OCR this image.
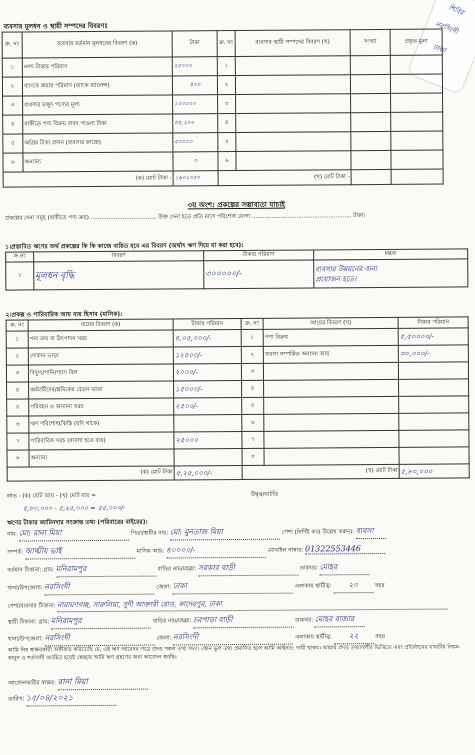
শিবির
নরসিংদী
ঢাকা
ব্যবসার মূলধন ও স্থায়ী সম্পদের বিবরণঃ
ক্র. নং	ব্যবসার বর্তমান মূলধনের বিবরণ (ক)	টাকা	ক্র. নং	ব্যবসার স্থায়ী সম্পদের বিবরণ (খ)	সংখ্যা	প্রকৃত মূল্য
১	নগদ টাকার পরিমাণ	২৫০০০	১			
২	ব্যাংকে জমার পরিমাণ (ব্যাংক ব্যালেন্স)	৪০০	২			
৩	ব্যবসার মজুদ পণ্যের মূল্য	১০০০০০	৩			
৪	বাকীতে পণ্য বিক্রয় বাবদ পাওনা টাকা	৩৫,২০০	৪			
৫	অগ্রিম টাকা প্রদান (ব্যবসার কাজে)	৫০০০০	৫			
৬	অন্যান্য	০	৬			
(ক) মোট টাকা -		১৬০২০৫০	(খ) মোট টাকা -			
৩য় অংশ: প্রকল্পের সম্ভাব্যতা যাচাই
প্রকল্পের দেনা সমূহ (বাকীতে পণ্য ক্রয়) ..................................... উক্ত দেনা হতে প্রতি মাসে পরিশোধ যোগ্য ........................................................ টাকা।
১।প্রস্তাবিত ঋণের অর্থ প্রকল্পের কি কি কাজে ব্যয়িত হবে এর বিবরণ (অর্থাৎ ঋণ দিয়ে মা করা হবে):
ক্র.নং	বিবরণ	টাকার পরিমাণ	মন্তব্য
১	মূলধন বৃদ্ধি	৩০০০০০/-	ব্যবসার উন্নয়নের জন্য
প্রয়োজন হতে।
২।প্রকল্প ও পারিবারিক আয় ব্যয় হিসাব (মাসিক):
ক্র. নং	ব্যয়ের বিবরণ (ক)	টাকার পরিমান	ক্র. নং	আয়ের বিবরণ (খ)	টাকার পরিমান
১	পন্য ক্রয় বা উৎপাদন খরচ	৪,০৫,০০০/-	১	পণ্য বিক্রয়	৫,৫০০০০/-
২	দোকান ভাড়া	১২৫০০/-	২	ব্যবসা সম্পর্কিত অন্যান্য আয়	৩০,০০০/-
৩	বিদ্যুৎ/পানি/গ্যাস বিল	২০০০/-	৩		
৪	কর্মচারীদের/শ্রমিকের বেতন ভাতা	১৫০০০/-	৪		
৫	পরিবহন ও অন্যান্য খরচ	২৫০০/-	৫		
৬	ঋণ পরিশোধ(কিস্তি (যদি থাকে)		৬		
৭	পারিবারিক খরচ (ব্যবসা হতে ব্যয়)	২৫০০০	৭		
৮	অন্যান্য		৮		
(ক) মোট টাকা		৫,২৫,০০০/-	(খ) মোট টাকা		৫,৮০,০০০
লাভ - (ক) মোট আয় - (খ) মোট ব্যয় =	উদ্বৃত্ত/ঘাটতি
৫,৮০,০০০ - ৫,২৫,০০০ = ৫৫,০০০/-
ঋণের টাকার জামিনদার সংক্রান্ত তথ্য (পরিবারের বাইরের):
নাম: মো: রানা মিয়া	পিতা/স্বামীর নাম: মো: মুনতাজ মিয়া	পেশা (নির্দিষ্ট করে উল্লেখ করুন): ব্যবসা
সম্পর্ক: আত্মীয় ভাই	মাসিক আয়: ৪০০০০/-	মোবাইল নাম্বার: 01322553446
বর্তমান ঠিকানা: গ্রাম: মনিরামপুর	বাড়ির নাম/মহল্লা: সরকার বাড়ী	ডাকঘর: মোহর
থানা/উপজেলা: নরসিংদী	জেলা: ঢাকা	এলাকায় স্থায়ীত্ব: ২০	বছর
পেশা/ব্যবসার ঠিকানা: নারায়ণগঞ্জ, সারুলিয়া, সুদী আক্তারী রোড, কাদেরপুর, ঢাকা
স্থায়ী ঠিকানা: গ্রাম: মনিরামপুর	বাড়ির নাম/মহল্লা: চরপাড়া বাড়ী	ডাকঘর: মোহর বাজার
থানা/উপজেলা: নরসিংদী	জেলা: নরসিংদী	এলাকায় স্থায়ীত্ব: ২২	বছর
আমি নিম্ন স্বাক্ষরকারী অঙ্গীকার করিতেছি যে, এই ঋণ আবেদন পত্রে প্রদত্ত সকল তথ্য সত্য। কোন ভুল তথ্য প্রমাণিত হলে আমি আইনত: দায়ী থাকব। আমার প্রদত্ত তথ্যাবলীর ভিত্তিতে এবং প্রতিষ্ঠানের যাবতীয় নিয়ম-কানুন ও শর্তাবলী অবহিত হয়েই স্বেচ্ছায় আমি ঋণ গ্রহণের জন্য আবেদন করছি।
আবেদনকারীর স্বাক্ষর: রানা মিয়া
তারিখ: ১৫/০৪/২০২১
